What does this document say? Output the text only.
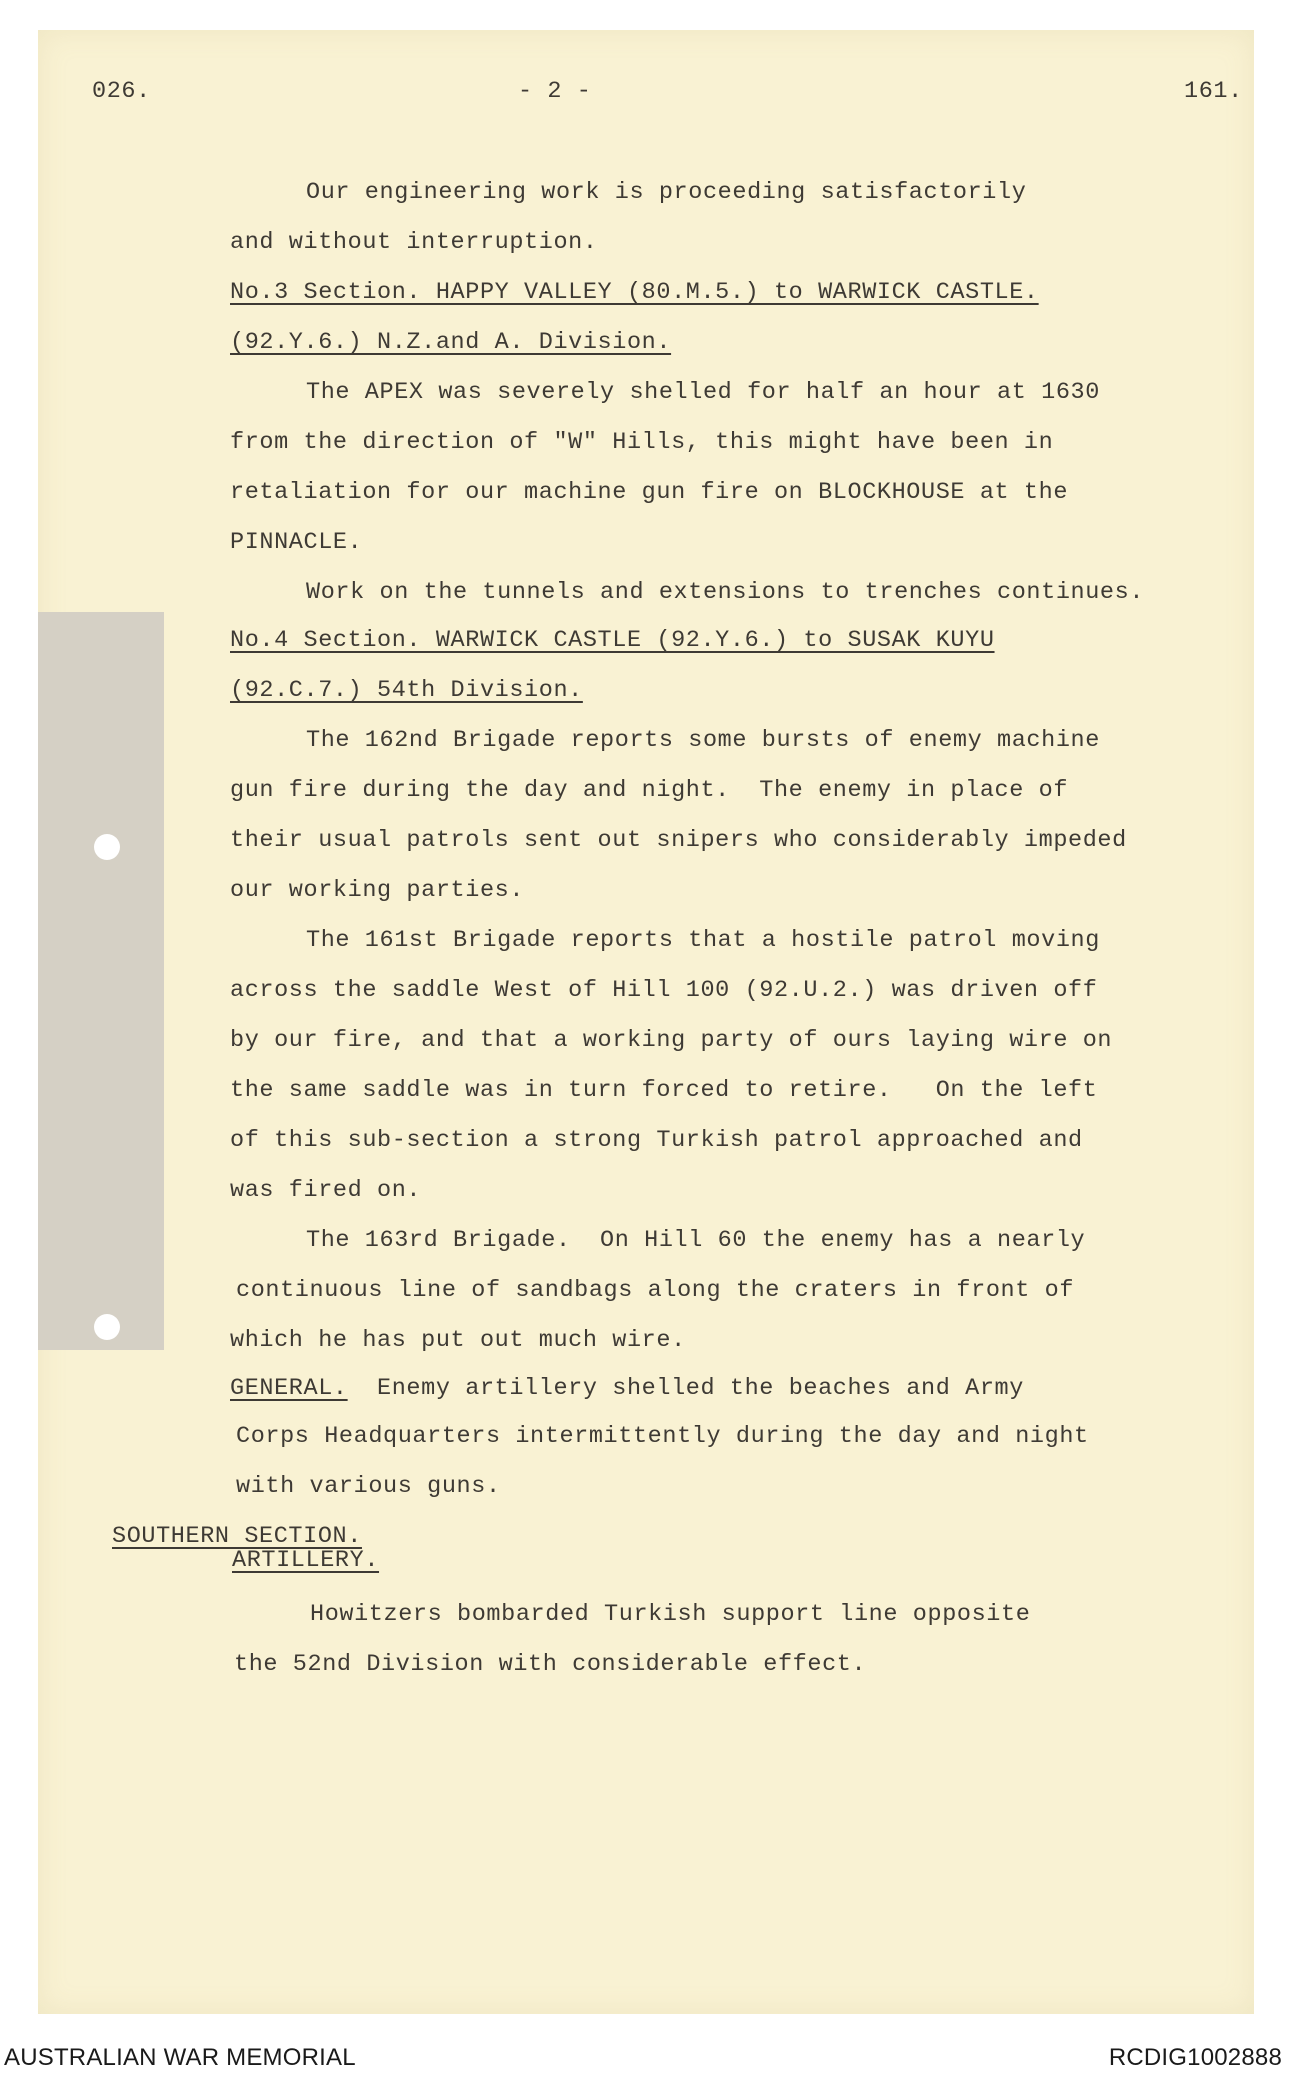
026.	- 2 -	161.
Our engineering work is proceeding satisfactorily
and without interruption.
No.3 Section. HAPPY VALLEY (80.M.5.) to WARWICK CASTLE.
(92.Y.6.) N.Z.and A. Division.
The APEX was severely shelled for half an hour at 1630
from the direction of "W" Hills, this might have been in
retaliation for our machine gun fire on BLOCKHOUSE at the
PINNACLE.
Work on the tunnels and extensions to trenches continues.
No.4 Section. WARWICK CASTLE (92.Y.6.) to SUSAK KUYU
(92.C.7.) 54th Division.
The 162nd Brigade reports some bursts of enemy machine
gun fire during the day and night.  The enemy in place of
their usual patrols sent out snipers who considerably impeded
our working parties.
The 161st Brigade reports that a hostile patrol moving
across the saddle West of Hill 100 (92.U.2.) was driven off
by our fire, and that a working party of ours laying wire on
the same saddle was in turn forced to retire.   On the left
of this sub-section a strong Turkish patrol approached and
was fired on.
The 163rd Brigade.  On Hill 60 the enemy has a nearly
continuous line of sandbags along the craters in front of
which he has put out much wire.
GENERAL.  Enemy artillery shelled the beaches and Army
Corps Headquarters intermittently during the day and night
with various guns.
SOUTHERN SECTION.
ARTILLERY.
Howitzers bombarded Turkish support line opposite
the 52nd Division with considerable effect.
AUSTRALIAN WAR MEMORIAL	RCDIG1002888
